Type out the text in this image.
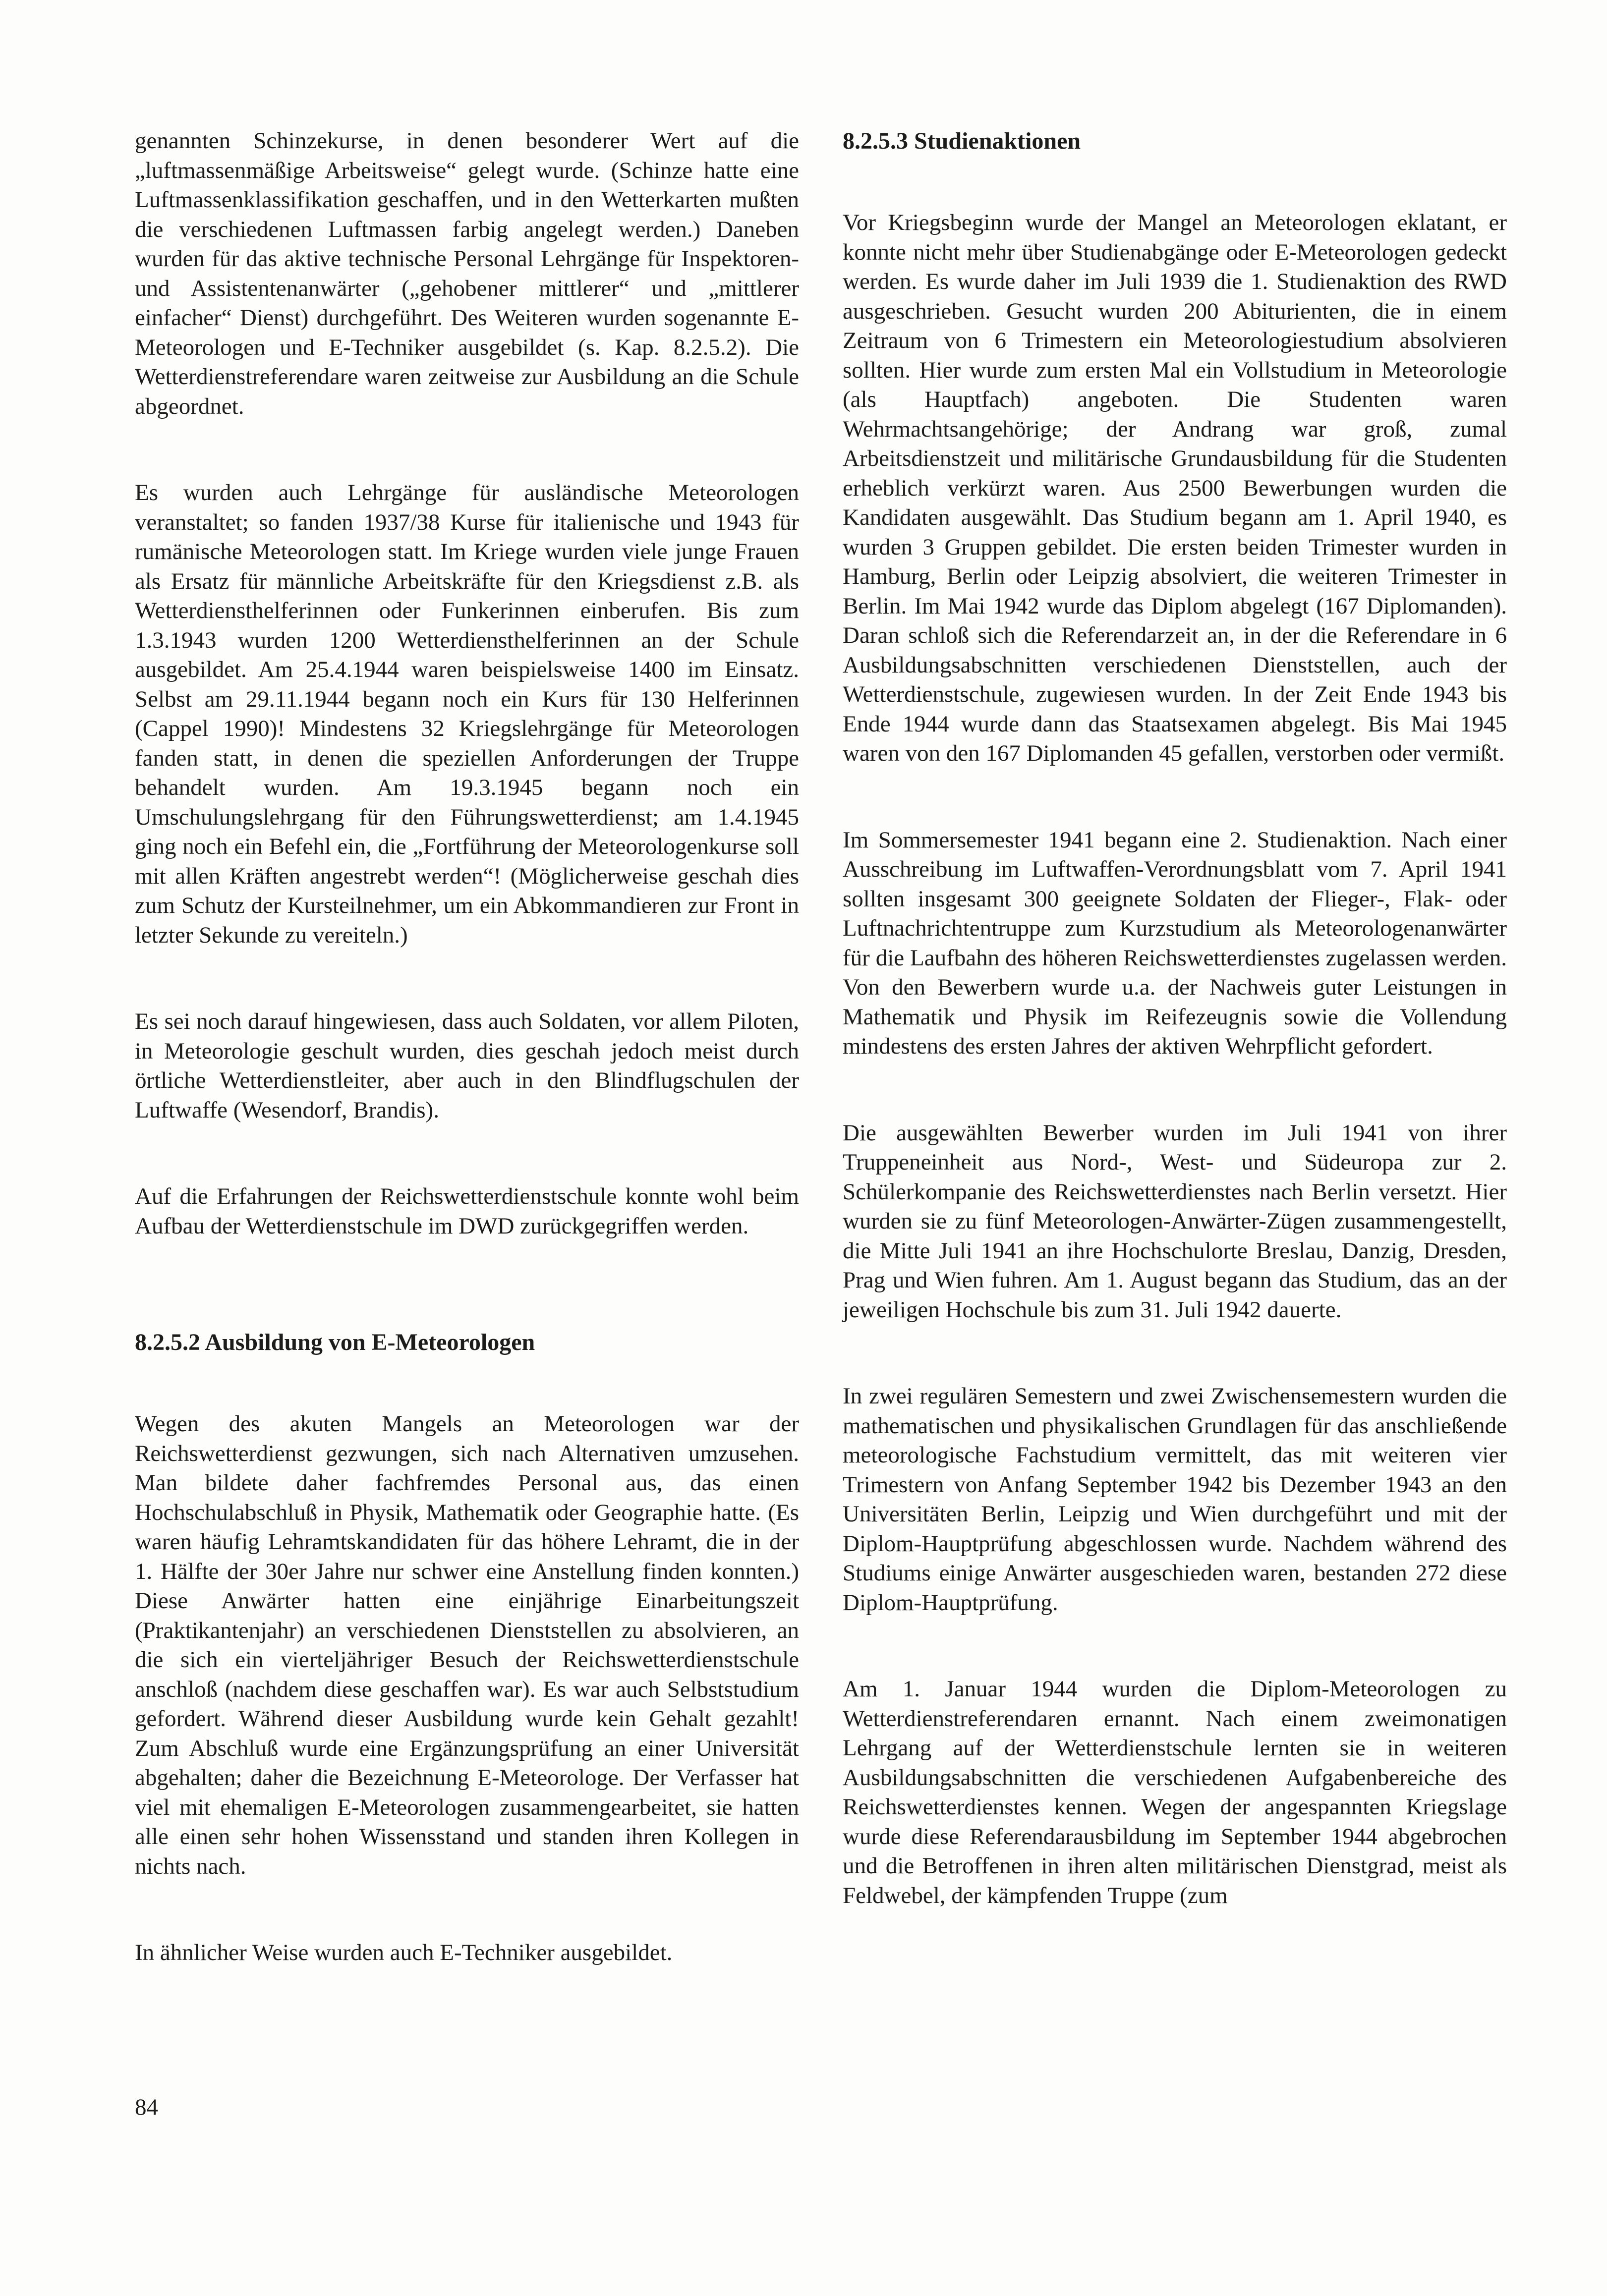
genannten Schinzekurse, in denen besonderer Wert auf die „luftmassenmäßige Arbeitsweise“ gelegt wurde. (Schinze hatte eine Luftmassenklassifikation geschaffen, und in den Wetterkarten mußten die verschiedenen Luftmassen farbig angelegt werden.) Daneben wurden für das aktive technische Personal Lehrgänge für Inspektoren- und Assistentenanwärter („gehobener mittlerer“ und „mittlerer einfacher“ Dienst) durchgeführt. Des Weiteren wurden sogenannte E-Meteorologen und E-Techniker ausgebildet (s. Kap. 8.2.5.2). Die Wetterdienstreferendare waren zeitweise zur Ausbildung an die Schule abgeordnet.

Es wurden auch Lehrgänge für ausländische Meteorologen veranstaltet; so fanden 1937/38 Kurse für italienische und 1943 für rumänische Meteorologen statt. Im Kriege wurden viele junge Frauen als Ersatz für männliche Arbeitskräfte für den Kriegsdienst z.B. als Wetterdiensthelferinnen oder Funkerinnen einberufen. Bis zum 1.3.1943 wurden 1200 Wetterdiensthelferinnen an der Schule ausgebildet. Am 25.4.1944 waren beispielsweise 1400 im Einsatz. Selbst am 29.11.1944 begann noch ein Kurs für 130 Helferinnen (Cappel 1990)! Mindestens 32 Kriegslehrgänge für Meteorologen fanden statt, in denen die speziellen Anforderungen der Truppe behandelt wurden. Am 19.3.1945 begann noch ein Umschulungslehrgang für den Führungswetterdienst; am 1.4.1945 ging noch ein Befehl ein, die „Fortführung der Meteorologenkurse soll mit allen Kräften angestrebt werden“! (Möglicherweise geschah dies zum Schutz der Kursteilnehmer, um ein Abkommandieren zur Front in letzter Sekunde zu vereiteln.)

Es sei noch darauf hingewiesen, dass auch Soldaten, vor allem Piloten, in Meteorologie geschult wurden, dies geschah jedoch meist durch örtliche Wetterdienstleiter, aber auch in den Blindflugschulen der Luftwaffe (Wesendorf, Brandis).

Auf die Erfahrungen der Reichswetterdienstschule konnte wohl beim Aufbau der Wetterdienstschule im DWD zurückgegriffen werden.

8.2.5.2 Ausbildung von E-Meteorologen

Wegen des akuten Mangels an Meteorologen war der Reichswetterdienst gezwungen, sich nach Alternativen umzusehen. Man bildete daher fachfremdes Personal aus, das einen Hochschulabschluß in Physik, Mathematik oder Geographie hatte. (Es waren häufig Lehramtskandidaten für das höhere Lehramt, die in der 1. Hälfte der 30er Jahre nur schwer eine Anstellung finden konnten.) Diese Anwärter hatten eine einjährige Einarbeitungszeit (Praktikantenjahr) an verschiedenen Dienststellen zu absolvieren, an die sich ein vierteljähriger Besuch der Reichswetterdienstschule anschloß (nachdem diese geschaffen war). Es war auch Selbststudium gefordert. Während dieser Ausbildung wurde kein Gehalt gezahlt! Zum Abschluß wurde eine Ergänzungsprüfung an einer Universität abgehalten; daher die Bezeichnung E-Meteorologe. Der Verfasser hat viel mit ehemaligen E-Meteorologen zusammengearbeitet, sie hatten alle einen sehr hohen Wissensstand und standen ihren Kollegen in nichts nach.

In ähnlicher Weise wurden auch E-Techniker ausgebildet.

8.2.5.3 Studienaktionen

Vor Kriegsbeginn wurde der Mangel an Meteorologen eklatant, er konnte nicht mehr über Studienabgänge oder E-Meteorologen gedeckt werden. Es wurde daher im Juli 1939 die 1. Studienaktion des RWD ausgeschrieben. Gesucht wurden 200 Abiturienten, die in einem Zeitraum von 6 Trimestern ein Meteorologiestudium absolvieren sollten. Hier wurde zum ersten Mal ein Vollstudium in Meteorologie (als Hauptfach) angeboten. Die Studenten waren Wehrmachtsangehörige; der Andrang war groß, zumal Arbeitsdienstzeit und militärische Grundausbildung für die Studenten erheblich verkürzt waren. Aus 2500 Bewerbungen wurden die Kandidaten ausgewählt. Das Studium begann am 1. April 1940, es wurden 3 Gruppen gebildet. Die ersten beiden Trimester wurden in Hamburg, Berlin oder Leipzig absolviert, die weiteren Trimester in Berlin. Im Mai 1942 wurde das Diplom abgelegt (167 Diplomanden). Daran schloß sich die Referendarzeit an, in der die Referendare in 6 Ausbildungsabschnitten verschiedenen Dienststellen, auch der Wetterdienstschule, zugewiesen wurden. In der Zeit Ende 1943 bis Ende 1944 wurde dann das Staatsexamen abgelegt. Bis Mai 1945 waren von den 167 Diplomanden 45 gefallen, verstorben oder vermißt.

Im Sommersemester 1941 begann eine 2. Studienaktion. Nach einer Ausschreibung im Luftwaffen-Verordnungsblatt vom 7. April 1941 sollten insgesamt 300 geeignete Soldaten der Flieger-, Flak- oder Luftnachrichtentruppe zum Kurzstudium als Meteorologenanwärter für die Laufbahn des höheren Reichswetterdienstes zugelassen werden. Von den Bewerbern wurde u.a. der Nachweis guter Leistungen in Mathematik und Physik im Reifezeugnis sowie die Vollendung mindestens des ersten Jahres der aktiven Wehrpflicht gefordert.

Die ausgewählten Bewerber wurden im Juli 1941 von ihrer Truppeneinheit aus Nord-, West- und Südeuropa zur 2. Schülerkompanie des Reichswetterdienstes nach Berlin versetzt. Hier wurden sie zu fünf Meteorologen-Anwärter-Zügen zusammengestellt, die Mitte Juli 1941 an ihre Hochschulorte Breslau, Danzig, Dresden, Prag und Wien fuhren. Am 1. August begann das Studium, das an der jeweiligen Hochschule bis zum 31. Juli 1942 dauerte.

In zwei regulären Semestern und zwei Zwischensemestern wurden die mathematischen und physikalischen Grundlagen für das anschließende meteorologische Fachstudium vermittelt, das mit weiteren vier Trimestern von Anfang September 1942 bis Dezember 1943 an den Universitäten Berlin, Leipzig und Wien durchgeführt und mit der Diplom-Hauptprüfung abgeschlossen wurde. Nachdem während des Studiums einige Anwärter ausgeschieden waren, bestanden 272 diese Diplom-Hauptprüfung.

Am 1. Januar 1944 wurden die Diplom-Meteorologen zu Wetterdienstreferendaren ernannt. Nach einem zweimonatigen Lehrgang auf der Wetterdienstschule lernten sie in weiteren Ausbildungsabschnitten die verschiedenen Aufgabenbereiche des Reichswetterdienstes kennen. Wegen der angespannten Kriegslage wurde diese Referendarausbildung im September 1944 abgebrochen und die Betroffenen in ihren alten militärischen Dienstgrad, meist als Feldwebel, der kämpfenden Truppe (zum

84
